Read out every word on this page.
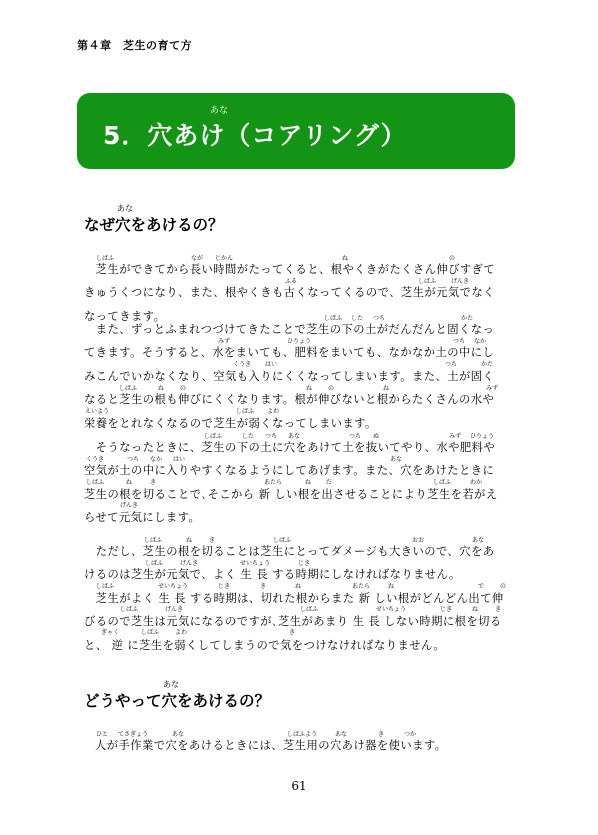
第４章　芝生の育て方
あな
5．穴あけ（コアリング）
あな
なぜ穴をあけるの？
　芝生ができてから長い時間がたってくると、根やくきがたくさん伸びすぎて
きゅうくつになり、また、根やくきも古くなってくるので、芝生が元気でなく
なってきます。
しばふ	なが じかん	ね	の
ふる	しばふ げんき
　また、ずっとふまれつづけてきたことで芝生の下の土がだんだんと固くなっ
てきます。そうすると、水をまいても、肥料をまいても、なかなか土の中にし
みこんでいかなくなり、空気も入りにくくなってしまいます。また、土が固く
なると芝生の根も伸びにくくなります。根が伸びないと根からたくさんの水や
栄養をとれなくなるので芝生が弱くなってしまいます。
しばふ した つち	かた
みず	ひりょう	つち なか
くうき はい	つち	かた
しばふ	ね	の	ね	の	ね	みず
えいよう	しばふ よわ
　そうなったときに、芝生の下の土に穴をあけて土を抜いてやり、水や肥料や
空気が土の中に入りやすくなるようにしてあげます。また、穴をあけたときに
芝生の根を切ることで､そこから 新 しい根を出させることにより芝生を若がえ
らせて元気にします。
しばふ	した つち あな	つち ぬ	みず ひりょう
くうき	つち なか はい	あな
しばふ	ね	き	あたら	ね だ	しばふ	わか
げんき
　ただし、芝生の根を切ることは芝生にとってダメージも大きいので、穴をあ
けるのは芝生が元気で、よく 生 長 する時期にしなければなりません。
　芝生がよく 生 長 する時期は、切れた根からまた 新 しい根がどんどん出て伸
びるので芝生は元気になるのですが､芝生があまり 生 長 しない時期に根を切る
と、 逆 に芝生を弱くしてしまうので気をつけなければなりません。
しばふ	ね	き	しばふ	おお	あな
しばふ	げんき	せいちょう	じき
しばふ	せいちょう	じき	き	ね	あたら	ね	で	の
しばふ	げんき	しばふ	せいちょう	じき	ね	き
ぎゃく	しばふ	よわ	き
あな
どうやって穴をあけるの？
人が手作業で穴をあけるときには、芝生用の穴あけ器を使います。
ひと てさぎょう	あな	しばふよう	あな	き	つか
61
